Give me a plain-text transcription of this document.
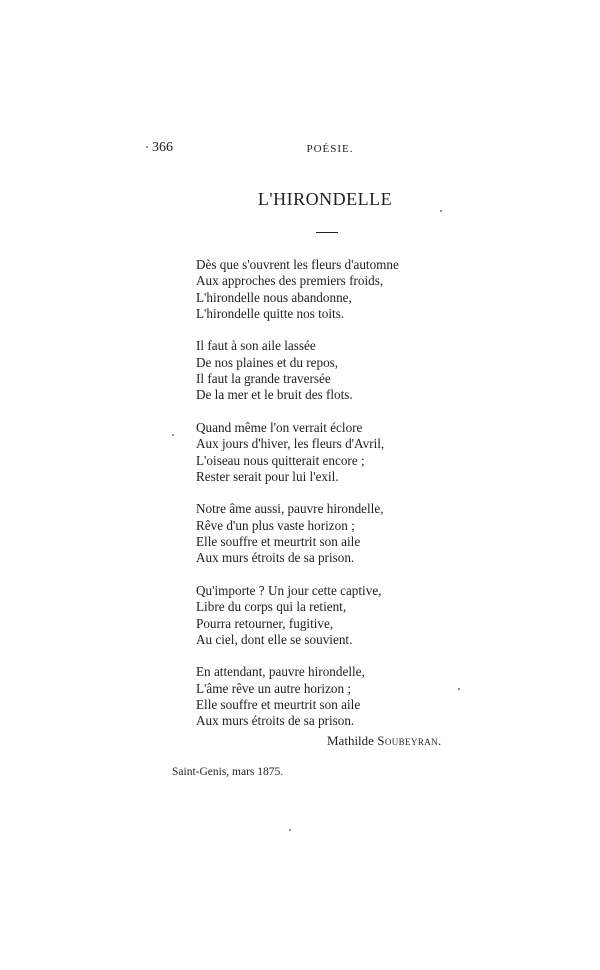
366	POÉSIE.
L'HIRONDELLE
Dès que s'ouvrent les fleurs d'automne
Aux approches des premiers froids,
L'hirondelle nous abandonne,
L'hirondelle quitte nos toits.
Il faut à son aile lassée
De nos plaines et du repos,
Il faut la grande traversée
De la mer et le bruit des flots.
Quand même l'on verrait éclore
Aux jours d'hiver, les fleurs d'Avril,
L'oiseau nous quitterait encore ;
Rester serait pour lui l'exil.
Notre âme aussi, pauvre hirondelle,
Rêve d'un plus vaste horizon ;
Elle souffre et meurtrit son aile
Aux murs étroits de sa prison.
Qu'importe ? Un jour cette captive,
Libre du corps qui la retient,
Pourra retourner, fugitive,
Au ciel, dont elle se souvient.
En attendant, pauvre hirondelle,
L'âme rêve un autre horizon ;
Elle souffre et meurtrit son aile
Aux murs étroits de sa prison.
Mathilde Soubeyran.
Saint-Genis, mars 1875.
